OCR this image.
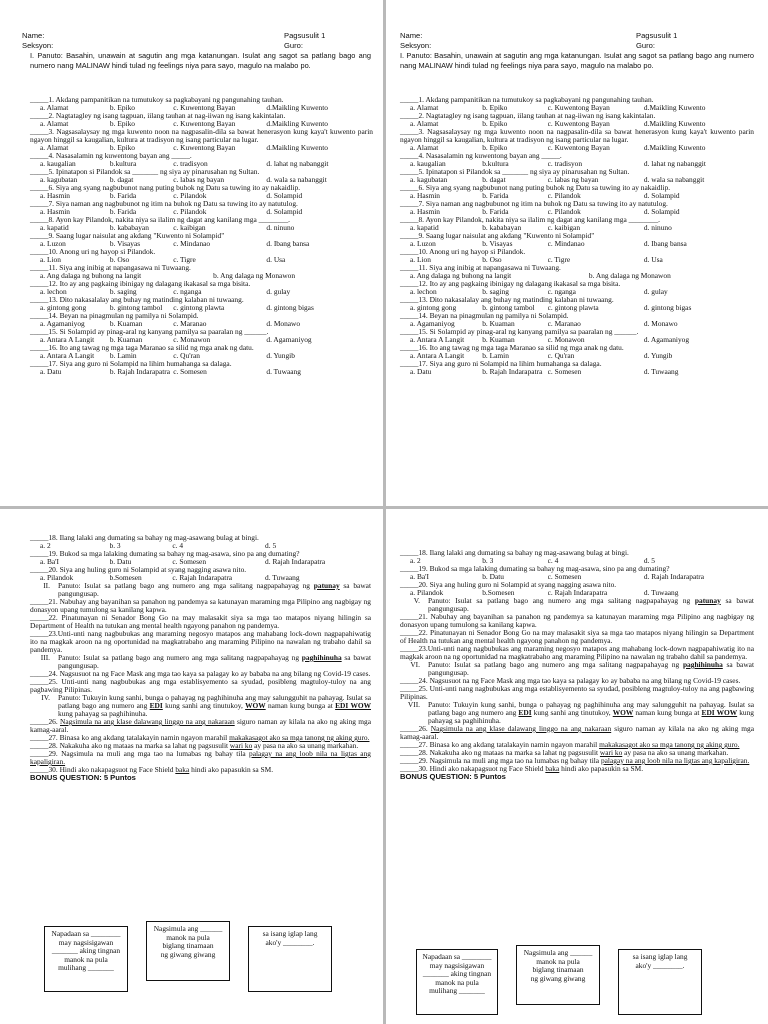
Name:
Seksyon:
Pagsusulit 1
Guro:
I. Panuto: Basahin, unawain at sagutin ang mga katanungan. Isulat ang sagot sa patlang bago ang numero nang MALINAW hindi tulad ng feelings niya para sayo, magulo na malabo po.
_____1. Akdang pampanitikan na tumutukoy sa pagkabayani ng pangunahing tauhan.
a. Alamat	b. Epiko	c. Kuwentong Bayan	d.Maikling Kuwento
_____2. Nagtatagley ng isang tagpuan, iilang tauhan at nag-iiwan ng isang kakintalan.
a. Alamat	b. Epiko	c. Kuwentong Bayan	d.Maikling Kuwento
_____3. Nagsasalaysay ng mga kuwento noon na nagpasalin-dila sa bawat henerasyon kung kaya't kuwento parin ngayon hinggil sa kaugalian, kultura at tradisyon ng isang particular na lugar.
a. Alamat	b. Epiko	c. Kuwentong Bayan	d.Maikling Kuwento
_____4. Nasasalamin ng kuwentong bayan ang _____.
a. kaugalian	b.kultura	c. tradisyon	d. lahat ng nabanggit
_____5. Ipinatapon si Pilandok sa _______ ng siya ay pinarusahan ng Sultan.
a. kagubatan	b. dagat	c. labas ng bayan	d. wala sa nabanggit
_____6. Siya ang syang nagbubunot nang puting buhok ng Datu sa tuwing ito ay nakaidlip.
a. Hasmin	b. Farida	c. Pilandok	d. Solampid
_____7. Siya naman ang nagbubunot ng itim na buhok ng Datu sa tuwing ito ay natutulog.
a. Hasmin	b. Farida	c. Pilandok	d. Solampid
_____8. Ayon kay Pilandok, nakita niya sa ilalim ng dagat ang kanilang mga ________.
a. kapatid	b. kababayan	c. kaibigan	d. ninuno
_____9. Saang lugar naisulat ang akdang "Kuwento ni Solampid"
a. Luzon	b. Visayas	c. Mindanao	d. Ibang bansa
_____10. Anong uri ng hayop si Pilandok.
a. Lion	b. Oso	c. Tigre	d. Usa
_____11. Siya ang inibig at napangasawa ni Tuwaang.
a. Ang dalaga ng buhong na langit	b. Ang dalaga ng Monawon
_____12. Ito ay ang pagkaing ibinigay ng dalagang ikakasal sa mga bisita.
a. lechon	b. saging	c. nganga	d. gulay
_____13. Dito nakasalalay ang buhay ng matinding kalaban ni tuwaang.
a. gintong gong	b. gintong tambol	c. gintong plawta	d. gintong bigas
_____14. Beyan na pinagmulan ng pamilya ni Solampid.
a. Agamaniyog	b. Kuaman	c. Maranao	d. Monawo
_____15. Si Solampid ay pinag-aral ng kanyang pamilya sa paaralan ng ______.
a. Antara A Langit	b. Kuaman	c. Monawon	d. Agamaniyog
_____16. Ito ang tawag ng mga taga Maranao sa silid ng mga anak ng datu.
a. Antara A Langit	b. Lamin	c. Qu'ran	d. Yungib
_____17. Siya ang guro ni Solampid na lihim humahanga sa dalaga.
a. Datu	b. Rajah Indarapatra c. Somesen	d. Tuwaang
Name:
Seksyon:
Pagsusulit 1
Guro:
I. Panuto: Basahin, unawain at sagutin ang mga katanungan. Isulat ang sagot sa patlang bago ang numero nang MALINAW hindi tulad ng feelings niya para sayo, magulo na malabo po.
_____1. Akdang pampanitikan na tumutukoy sa pagkabayani ng pangunahing tauhan.
a. Alamat	b. Epiko	c. Kuwentong Bayan	d.Maikling Kuwento
_____2. Nagtatagley ng isang tagpuan, iilang tauhan at nag-iiwan ng isang kakintalan.
a. Alamat	b. Epiko	c. Kuwentong Bayan	d.Maikling Kuwento
_____3. Nagsasalaysay ng mga kuwento noon na nagpasalin-dila sa bawat henerasyon kung kaya't kuwento parin ngayon hinggil sa kaugalian, kultura at tradisyon ng isang particular na lugar.
a. Alamat	b. Epiko	c. Kuwentong Bayan	d.Maikling Kuwento
_____4. Nasasalamin ng kuwentong bayan ang _____.
a. kaugalian	b.kultura	c. tradisyon	d. lahat ng nabanggit
_____5. Ipinatapon si Pilandok sa _______ ng siya ay pinarusahan ng Sultan.
a. kagubatan	b. dagat	c. labas ng bayan	d. wala sa nabanggit
_____6. Siya ang syang nagbubunot nang puting buhok ng Datu sa tuwing ito ay nakaidlip.
a. Hasmin	b. Farida	c. Pilandok	d. Solampid
_____7. Siya naman ang nagbubunot ng itim na buhok ng Datu sa tuwing ito ay natutulog.
a. Hasmin	b. Farida	c. Pilandok	d. Solampid
_____8. Ayon kay Pilandok, nakita niya sa ilalim ng dagat ang kanilang mga ________.
a. kapatid	b. kababayan	c. kaibigan	d. ninuno
_____9. Saang lugar naisulat ang akdang "Kuwento ni Solampid"
a. Luzon	b. Visayas	c. Mindanao	d. Ibang bansa
_____10. Anong uri ng hayop si Pilandok.
a. Lion	b. Oso	c. Tigre	d. Usa
_____11. Siya ang inibig at napangasawa ni Tuwaang.
a. Ang dalaga ng buhong na langit	b. Ang dalaga ng Monawon
_____12. Ito ay ang pagkaing ibinigay ng dalagang ikakasal sa mga bisita.
a. lechon	b. saging	c. nganga	d. gulay
_____13. Dito nakasalalay ang buhay ng matinding kalaban ni tuwaang.
a. gintong gong	b. gintong tambol	c. gintong plawta	d. gintong bigas
_____14. Beyan na pinagmulan ng pamilya ni Solampid.
a. Agamaniyog	b. Kuaman	c. Maranao	d. Monawo
_____15. Si Solampid ay pinag-aral ng kanyang pamilya sa paaralan ng ______.
a. Antara A Langit	b. Kuaman	c. Monawon	d. Agamaniyog
_____16. Ito ang tawag ng mga taga Maranao sa silid ng mga anak ng datu.
a. Antara A Langit	b. Lamin	c. Qu'ran	d. Yungib
_____17. Siya ang guro ni Solampid na lihim humahanga sa dalaga.
a. Datu	b. Rajah Indarapatra c. Somesen	d. Tuwaang
_____18. Ilang lalaki ang dumating sa bahay ng mag-asawang bulag at bingi.
a. 2	b. 3	c. 4	d. 5
_____19. Bukod sa mga lalaking dumating sa bahay ng mag-asawa, sino pa ang dumating?
a. Ba'I	b. Datu	c. Somesen	d. Rajah Indarapatra
_____20. Siya ang huling guro ni Solampid at syang nagging asawa nito.
a. Pilandok	b.Somesen	c. Rajah Indarapatra	d. Tuwaang
II.	Panuto: Isulat sa patlang bago ang numero ang mga salitang nagpapahayag ng patunay sa bawat pangungusap.
_____21. Nabuhay ang bayanihan sa panahon ng pandemya sa katunayan maraming mga Pilipino ang nagbigay ng donasyon upang tumulong sa kanilang kapwa.
_____22. Pinatunayan ni Senador Bong Go na may malasakit siya sa mga tao matapos niyang hilingin sa Department of Health na tutukan ang mental health ngayong panahon ng pandemya.
_____23.Unti-unti nang nagbubukas ang maraming negosyo matapos ang mahabang lock-down nagpapahiwatig ito na magkak aroon na ng oportunidad na magkatrabaho ang maraming Pilipino na nawalan ng trabaho dahil sa pandemya.
III.	Panuto: Isulat sa patlang bago ang numero ang mga salitang nagpapahayag ng paghihinuha sa bawat pangungusap.
_____24. Nagsusuot na ng Face Mask ang mga tao kaya sa palagay ko ay bababa na ang bilang ng Covid-19 cases.
_____25. Unti-unti nang nagbubukas ang mga establisyemento sa syudad, posibleng magtuloy-tuloy na ang pagbawing Pilipinas.
IV.	Panuto: Tukuyin kung sanhi, bunga o pahayag ng paghihinuha ang may salungguhit na pahayag. Isulat sa patlang bago ang numero ang EDI kung sanhi ang tinutukoy, WOW naman kung bunga at EDI WOW kung pahayag sa paghihinuha.
_____26. Nagsimula na ang klase dalawang linggo na ang nakaraan siguro naman ay kilala na ako ng aking mga kamag-aaral.
_____27. Binasa ko ang akdang tatalakayin namin ngayon marahil makakasagot ako sa mga tanong ng aking guro.
_____28. Nakakuha ako ng mataas na marka sa lahat ng pagsusulit wari ko ay pasa na ako sa unang markahan.
_____29. Nagsimula na muli ang mga tao na lumabas ng bahay tila palagay na ang loob nila na ligtas ang kapaligiran.
_____30. Hindi ako nakapagsuot ng Face Shield baka hindi ako papasukin sa SM.
BONUS QUESTION: 5 Puntos
Napadaan sa ________
may nagsisigawan
_______ aking tingnan
manok na pula
mulihang _______
Nagsimula ang ______
manok na pula
biglang tinamaan
ng giwang giwang
sa isang iglap lang
ako'y ________.
_____18. Ilang lalaki ang dumating sa bahay ng mag-asawang bulag at bingi.
a. 2	b. 3	c. 4	d. 5
_____19. Bukod sa mga lalaking dumating sa bahay ng mag-asawa, sino pa ang dumating?
a. Ba'I	b. Datu	c. Somesen	d. Rajah Indarapatra
_____20. Siya ang huling guro ni Solampid at syang nagging asawa nito.
a. Pilandok	b.Somesen	c. Rajah Indarapatra	d. Tuwaang
V.	Panuto: Isulat sa patlang bago ang numero ang mga salitang nagpapahayag ng patunay sa bawat pangungusap.
_____21. Nabuhay ang bayanihan sa panahon ng pandemya sa katunayan maraming mga Pilipino ang nagbigay ng donasyon upang tumulong sa kanilang kapwa.
_____22. Pinatunayan ni Senador Bong Go na may malasakit siya sa mga tao matapos niyang hilingin sa Department of Health na tutukan ang mental health ngayong panahon ng pandemya.
_____23.Unti-unti nang nagbubukas ang maraming negosyo matapos ang mahabang lock-down nagpapahiwatig ito na magkak aroon na ng oportunidad na magkatrabaho ang maraming Pilipino na nawalan ng trabaho dahil sa pandemya.
VI.	Panuto: Isulat sa patlang bago ang numero ang mga salitang nagpapahayag ng paghihinuha sa bawat pangungusap.
_____24. Nagsusuot na ng Face Mask ang mga tao kaya sa palagay ko ay bababa na ang bilang ng Covid-19 cases.
_____25. Unti-unti nang nagbubukas ang mga establisyemento sa syudad, posibleng magtuloy-tuloy na ang pagbawing Pilipinas.
VII.	Panuto: Tukuyin kung sanhi, bunga o pahayag ng paghihinuha ang may salungguhit na pahayag. Isulat sa patlang bago ang numero ang EDI kung sanhi ang tinutukoy, WOW naman kung bunga at EDI WOW kung pahayag sa paghihinuha.
_____26. Nagsimula na ang klase dalawang linggo na ang nakaraan siguro naman ay kilala na ako ng aking mga kamag-aaral.
_____27. Binasa ko ang akdang tatalakayin namin ngayon marahil makakasagot ako sa mga tanong ng aking guro.
_____28. Nakakuha ako ng mataas na marka sa lahat ng pagsusulit wari ko ay pasa na ako sa unang markahan.
_____29. Nagsimula na muli ang mga tao na lumabas ng bahay tila palagay na ang loob nila na ligtas ang kapaligiran.
_____30. Hindi ako nakapagsuot ng Face Shield baka hindi ako papasukin sa SM.
BONUS QUESTION: 5 Puntos
Napadaan sa ________
may nagsisigawan
_______ aking tingnan
manok na pula
mulihang _______
Nagsimula ang ______
manok na pula
biglang tinamaan
ng giwang giwang
sa isang iglap lang
ako'y ________.
